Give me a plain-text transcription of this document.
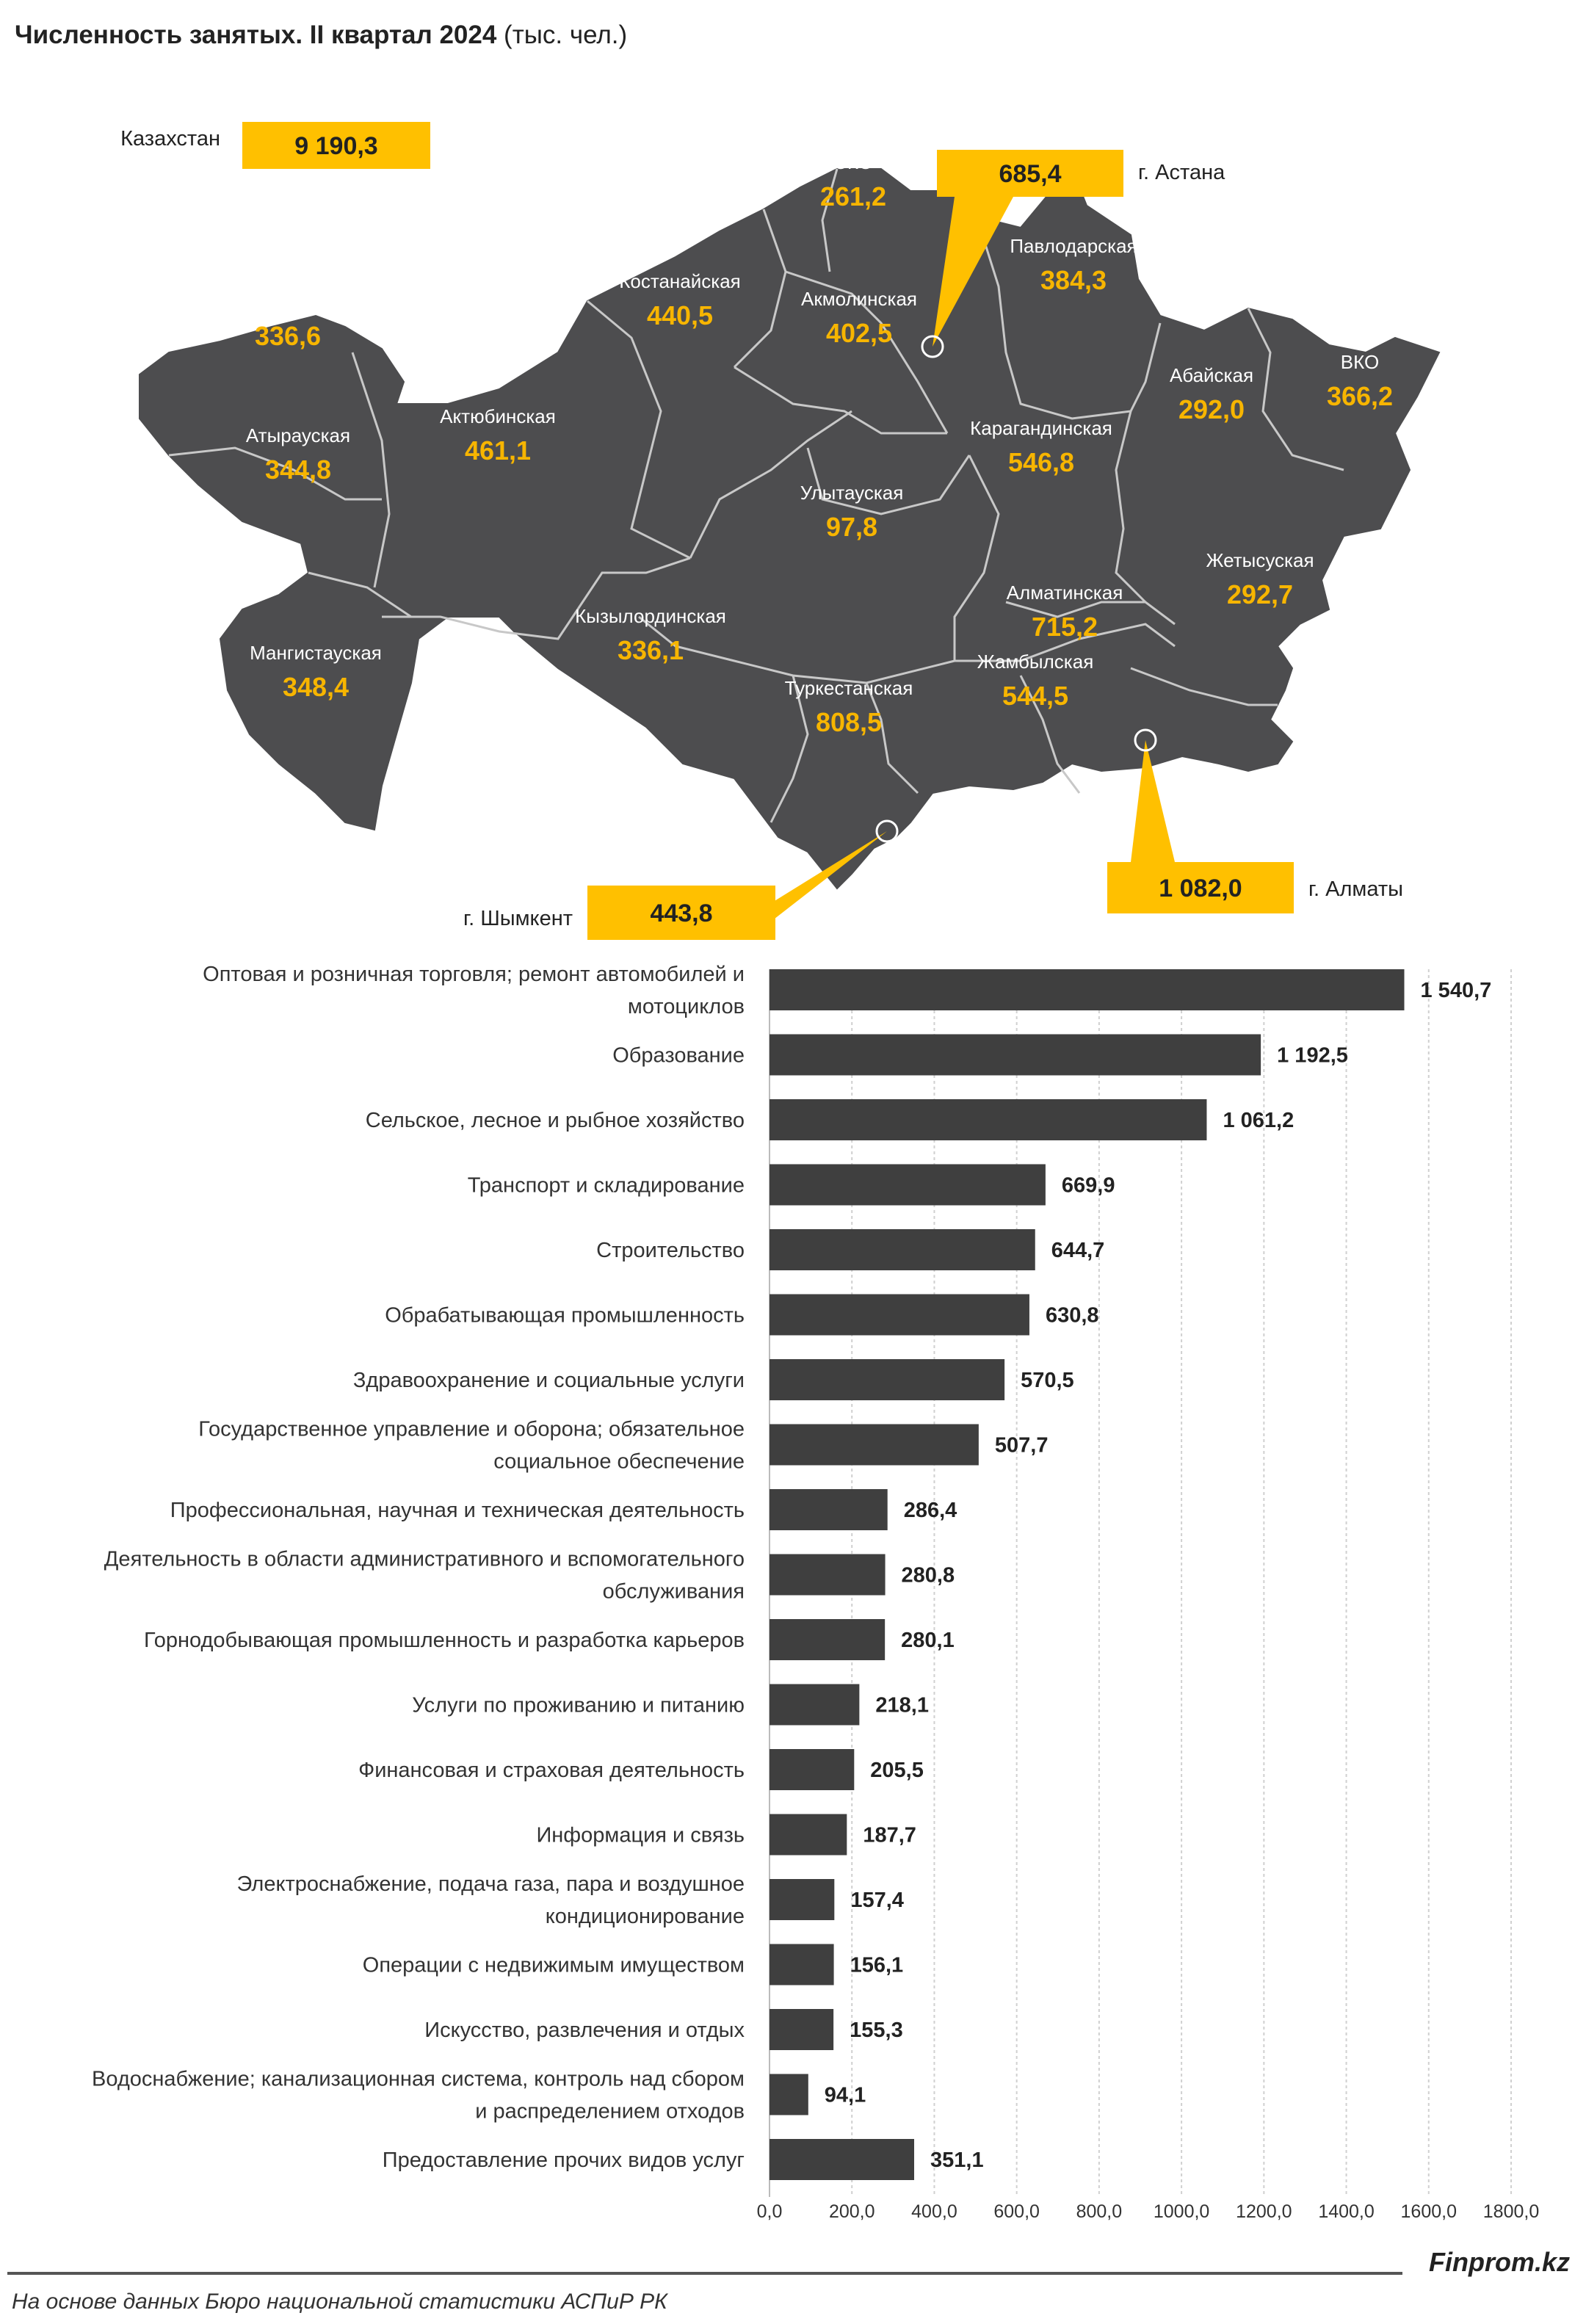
Численность занятых. II квартал 2024 (тыс. чел.)
ЗКО
336,6
Атырауская
344,8
Мангистауская
348,4
Актюбинская
461,1
Костанайская
440,5
СКО
261,2
Акмолинская
402,5
Павлодарская
384,3
Абайская
292,0
ВКО
366,2
Карагандинская
546,8
Улытауская
97,8
Кызылординская
336,1
Туркестанская
808,5
Жамбылская
544,5
Алматинская
715,2
Жетысуская
292,7
685,4	г. Астана
1 082,0	г. Алматы
443,8
г. Шымкент
Казахстан	9 190,3
0,0	200,0 400,0 600,0 800,0 1000,0 1200,0 1400,0 1600,0 1800,0
1 540,7
Оптовая и розничная торговля; ремонт автомобилей и мотоциклов
1 192,5
Образование
1 061,2
Сельское, лесное и рыбное хозяйство
669,9
Транспорт и складирование
644,7
Строительство
630,8
Обрабатывающая промышленность
570,5
Здравоохранение и социальные услуги
507,7
Государственное управление и оборона; обязательное социальное обеспечение
286,4
Профессиональная, научная и техническая деятельность
280,8
Деятельность в области административного и вспомогательного обслуживания
280,1
Горнодобывающая промышленность и разработка карьеров
218,1
Услуги по проживанию и питанию
205,5
Финансовая и страховая деятельность
187,7
Информация и связь
157,4
Электроснабжение, подача газа, пара и воздушное кондиционирование
156,1
Операции с недвижимым имуществом
155,3
Искусство, развлечения и отдых
94,1
Водоснабжение; канализационная система, контроль над сбором и распределением отходов
351,1
Предоставление прочих видов услуг
Finprom.kz
На основе данных Бюро национальной статистики АСПиР РК
